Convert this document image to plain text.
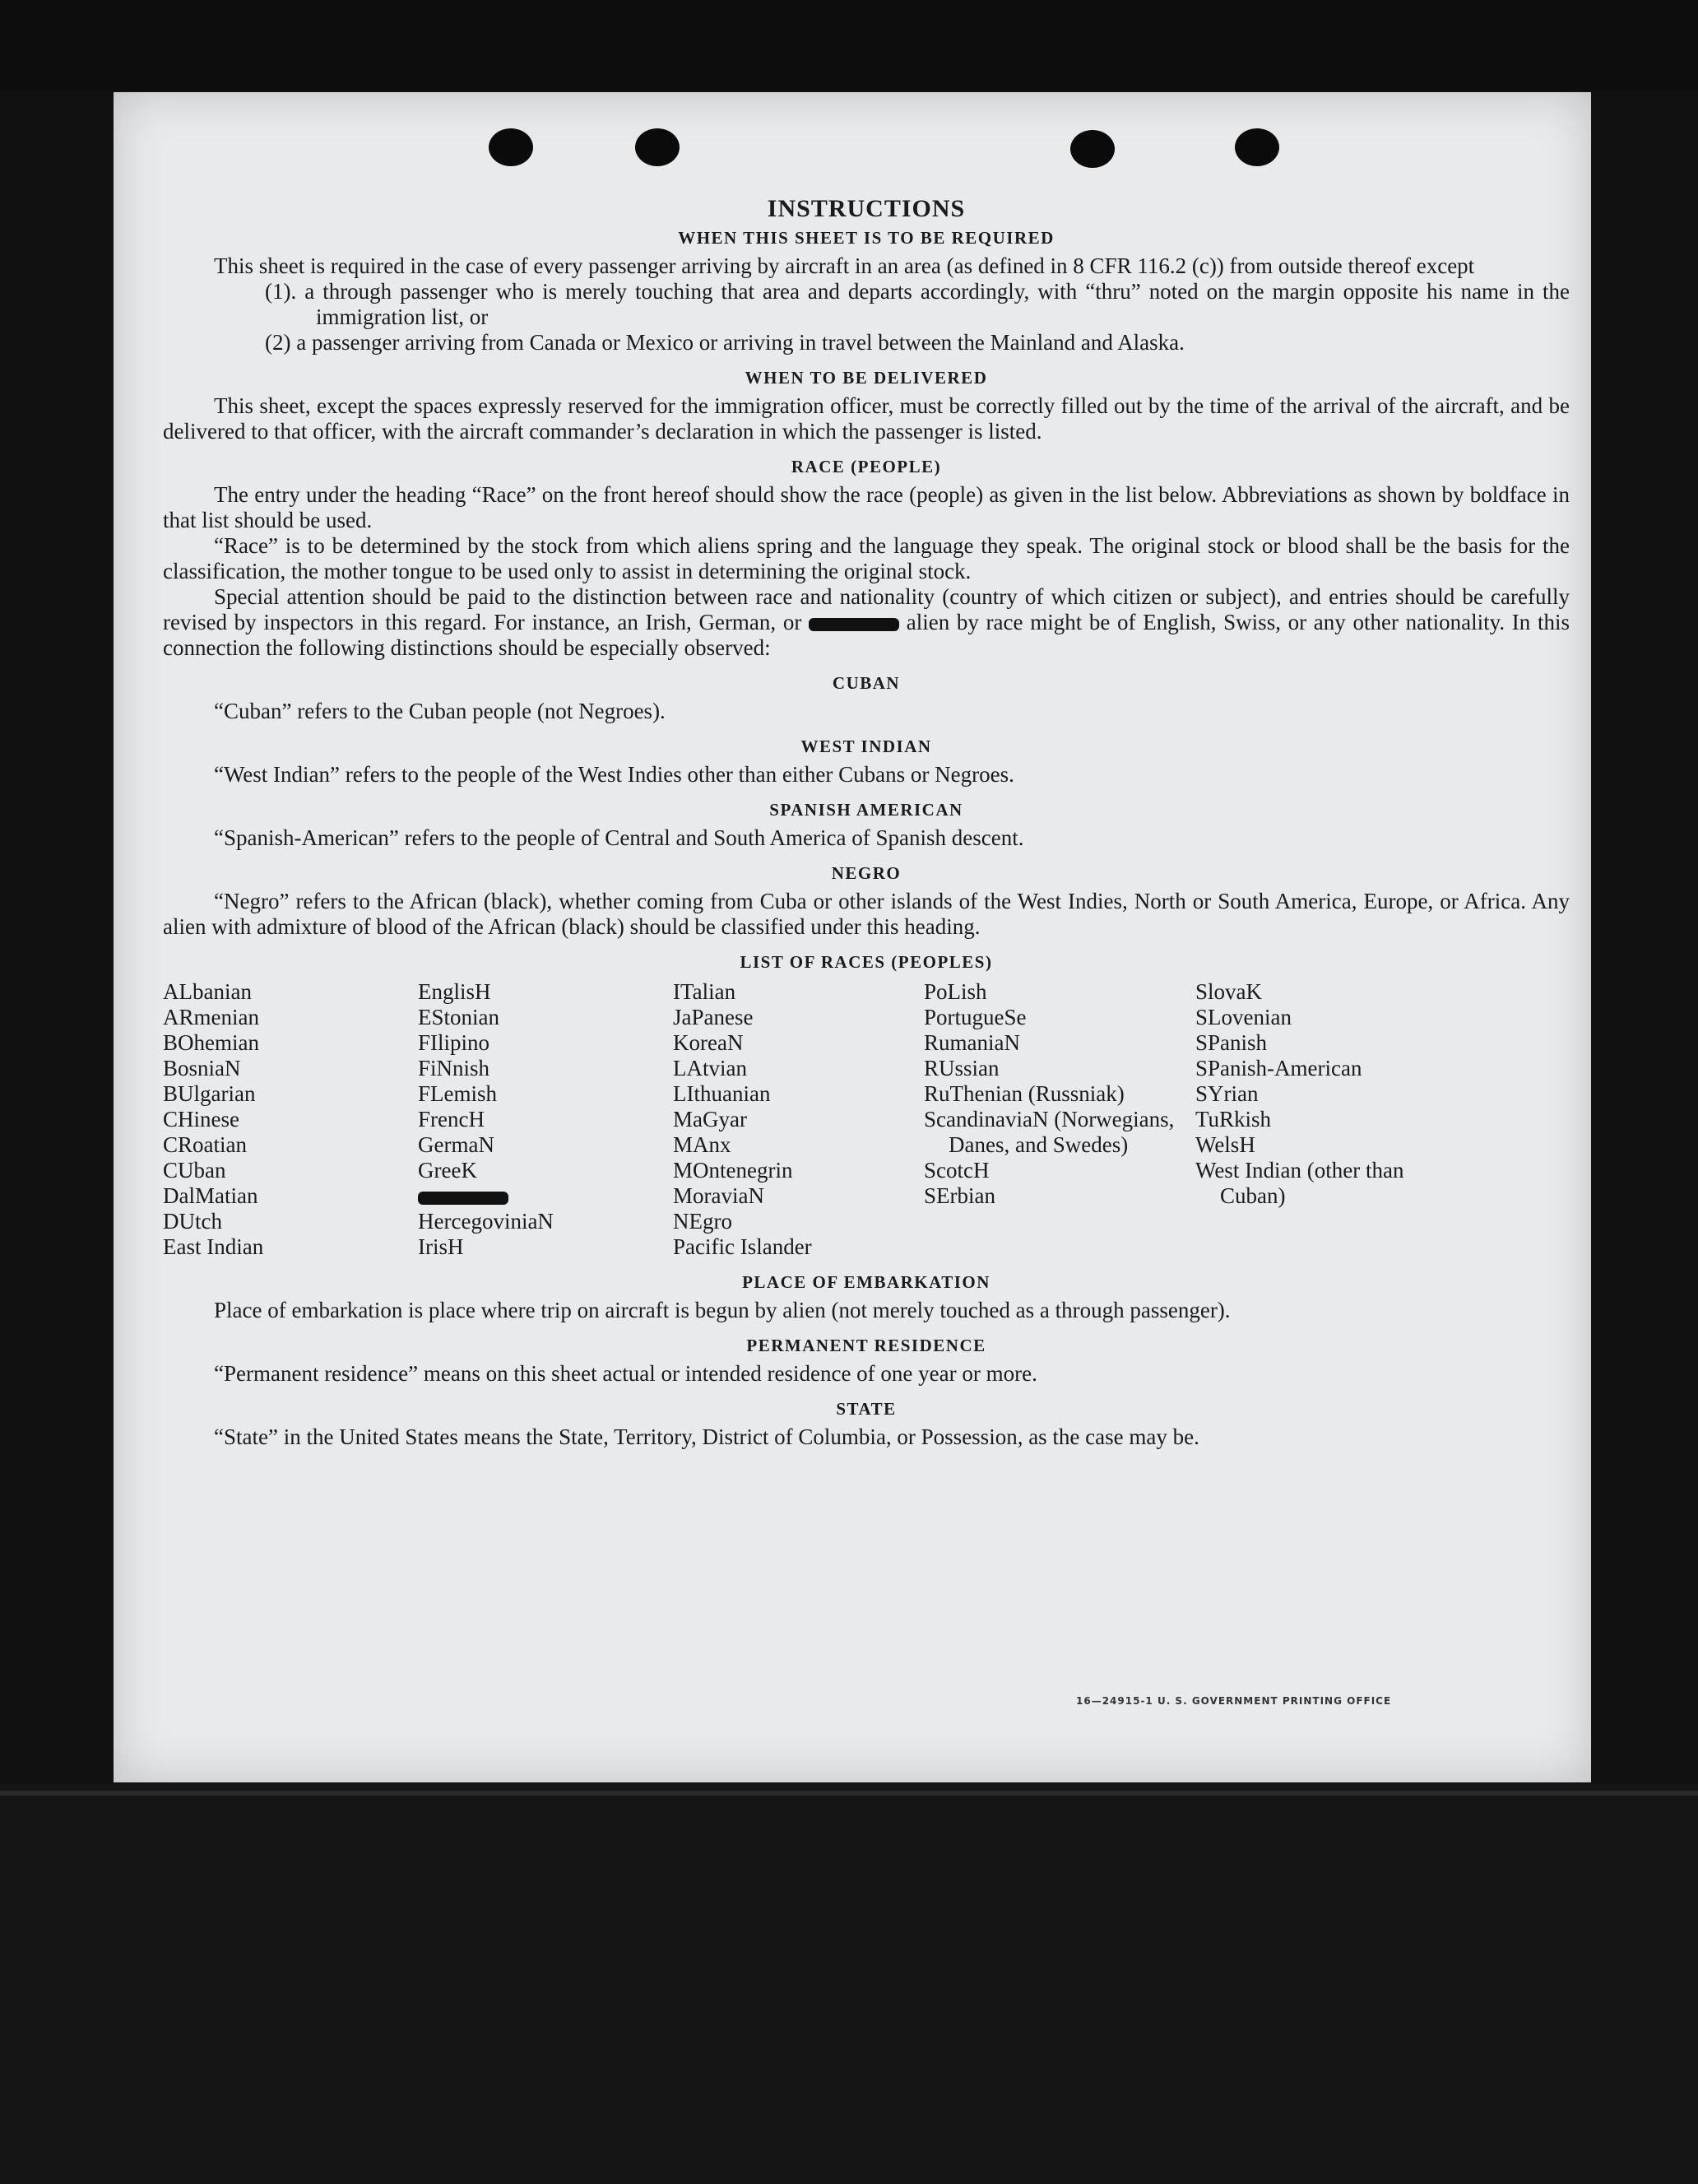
INSTRUCTIONS
WHEN THIS SHEET IS TO BE REQUIRED

This sheet is required in the case of every passenger arriving by aircraft in an area (as defined in 8 CFR 116.2 (c)) from outside thereof except

(1). a through passenger who is merely touching that area and departs accordingly, with “thru” noted on the margin opposite his name in the immigration list, or
(2) a passenger arriving from Canada or Mexico or arriving in travel between the Mainland and Alaska.
WHEN TO BE DELIVERED

This sheet, except the spaces expressly reserved for the immigration officer, must be correctly filled out by the time of the arrival of the aircraft, and be delivered to that officer, with the aircraft commander’s declaration in which the passenger is listed.

RACE (PEOPLE)

The entry under the heading “Race” on the front hereof should show the race (people) as given in the list below. Abbreviations as shown by boldface in that list should be used.

“Race” is to be determined by the stock from which aliens spring and the language they speak. The original stock or blood shall be the basis for the classification, the mother tongue to be used only to assist in determining the original stock.

Special attention should be paid to the distinction between race and nationality (country of which citizen or subject), and entries should be carefully revised by inspectors in this regard. For instance, an Irish, German, or	alien by race might be of English, Swiss, or any other nationality. In this connection the following distinctions should be especially observed:

CUBAN

“Cuban” refers to the Cuban people (not Negroes).

WEST INDIAN

“West Indian” refers to the people of the West Indies other than either Cubans or Negroes.

SPANISH AMERICAN

“Spanish-American” refers to the people of Central and South America of Spanish descent.

NEGRO

“Negro” refers to the African (black), whether coming from Cuba or other islands of the West Indies, North or South America, Europe, or Africa. Any alien with admixture of blood of the African (black) should be classified under this heading.

LIST OF RACES (PEOPLES)
ALbanian
ARmenian
BOhemian
BosniaN
BUlgarian
CHinese
CRoatian
CUban
DalMatian
DUtch
East Indian
EnglisH
EStonian
FIlipino
FiNnish
FLemish
FrencH
GermaN
GreeK
HercegoviniaN
IrisH
ITalian
JaPanese
KoreaN
LAtvian
LIthuanian
MaGyar
MAnx
MOntenegrin
MoraviaN
NEgro
Pacific Islander
PoLish
PortugueSe
RumaniaN
RUssian
RuThenian (Russniak)
ScandinaviaN (Norwegians, Danes, and Swedes)
ScotcH
SErbian
SlovaK
SLovenian
SPanish
SPanish-American
SYrian
TuRkish
WelsH
West Indian (other than Cuban)
PLACE OF EMBARKATION

Place of embarkation is place where trip on aircraft is begun by alien (not merely touched as a through passenger).

PERMANENT RESIDENCE

“Permanent residence” means on this sheet actual or intended residence of one year or more.

STATE

“State” in the United States means the State, Territory, District of Columbia, or Possession, as the case may be.

16—24915-1 U. S. GOVERNMENT PRINTING OFFICE
